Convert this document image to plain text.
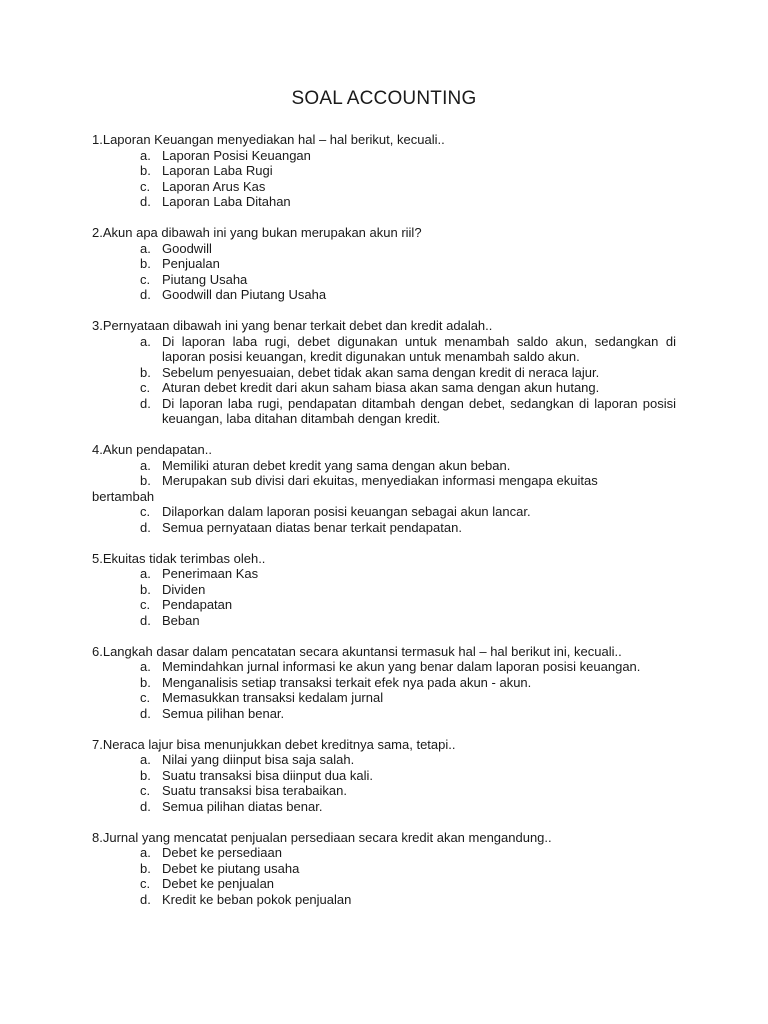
SOAL ACCOUNTING
1.Laporan Keuangan menyediakan hal – hal berikut, kecuali..
a. Laporan Posisi Keuangan
b. Laporan Laba Rugi
c. Laporan Arus Kas
d. Laporan Laba Ditahan
2.Akun apa dibawah ini yang bukan merupakan akun riil?
a. Goodwill
b. Penjualan
c. Piutang Usaha
d. Goodwill dan Piutang Usaha
3.Pernyataan dibawah ini yang benar terkait debet dan kredit adalah..
a. Di laporan laba rugi, debet digunakan untuk menambah saldo akun, sedangkan di laporan posisi keuangan, kredit digunakan untuk menambah saldo akun.
b. Sebelum penyesuaian, debet tidak akan sama dengan kredit di neraca lajur.
c. Aturan debet kredit dari akun saham biasa akan sama dengan akun hutang.
d. Di laporan laba rugi, pendapatan ditambah dengan debet, sedangkan di laporan posisi keuangan, laba ditahan ditambah dengan kredit.
4.Akun pendapatan..
a. Memiliki aturan debet kredit yang sama dengan akun beban.
b. Merupakan sub divisi dari ekuitas, menyediakan informasi mengapa ekuitas
bertambah
c. Dilaporkan dalam laporan posisi keuangan sebagai akun lancar.
d. Semua pernyataan diatas benar terkait pendapatan.
5.Ekuitas tidak terimbas oleh..
a. Penerimaan Kas
b. Dividen
c. Pendapatan
d. Beban
6.Langkah dasar dalam pencatatan secara akuntansi termasuk hal – hal berikut ini, kecuali..
a. Memindahkan jurnal informasi ke akun yang benar dalam laporan posisi keuangan.
b. Menganalisis setiap transaksi terkait efek nya pada akun - akun.
c. Memasukkan transaksi kedalam jurnal
d. Semua pilihan benar.
7.Neraca lajur bisa menunjukkan debet kreditnya sama, tetapi..
a. Nilai yang diinput bisa saja salah.
b. Suatu transaksi bisa diinput dua kali.
c. Suatu transaksi bisa terabaikan.
d. Semua pilihan diatas benar.
8.Jurnal yang mencatat penjualan persediaan secara kredit akan mengandung..
a. Debet ke persediaan
b. Debet ke piutang usaha
c. Debet ke penjualan
d. Kredit ke beban pokok penjualan
